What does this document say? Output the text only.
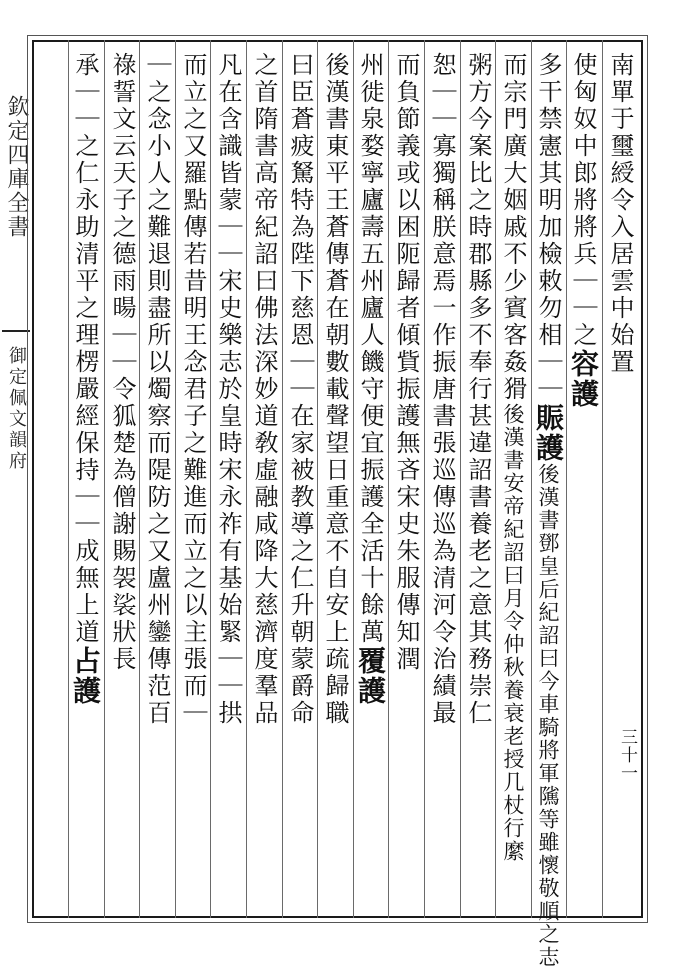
欽定四庫全書
御定佩文韻府
南單于璽綬令入居雲中始置
使匈奴中郎將將兵｜｜之容護
多干禁憲其明加檢敕勿相｜｜賑護後漢書鄧皇后紀詔曰今車騎將軍隲等雖懷敬順之志
而宗門廣大姻戚不少賓客姦猾後漢書安帝紀詔曰月令仲秋養衰老授几杖行縻
粥方今案比之時郡縣多不奉行甚違詔書養老之意其務崇仁
恕｜｜寡獨稱朕意焉一作振唐書張巡傳巡為清河令治績最
而負節義或以困阨歸者傾貲振護無吝宋史朱服傳知潤
州徙泉婺寧廬壽五州廬人饑守便宜振護全活十餘萬覆護
後漢書東平王蒼傳蒼在朝數載聲望日重意不自安上疏歸職
曰臣蒼疲駑特為陛下慈恩｜｜在家被教導之仁升朝蒙爵命
之首隋書高帝紀詔曰佛法深妙道敎虛融咸降大慈濟度羣品
凡在含識皆蒙｜｜宋史樂志於皇時宋永祚有基始緊｜｜拱
而立之又羅點傳若昔明王念君子之難進而立之以主張而｜
｜之念小人之難退則盡所以燭察而隄防之又盧州鑾傳范百
祿誓文云天子之德雨暘｜｜令狐楚為僧謝賜袈裟狀長
承｜｜之仁永助清平之理楞嚴經保持｜｜成無上道占護
三十一
